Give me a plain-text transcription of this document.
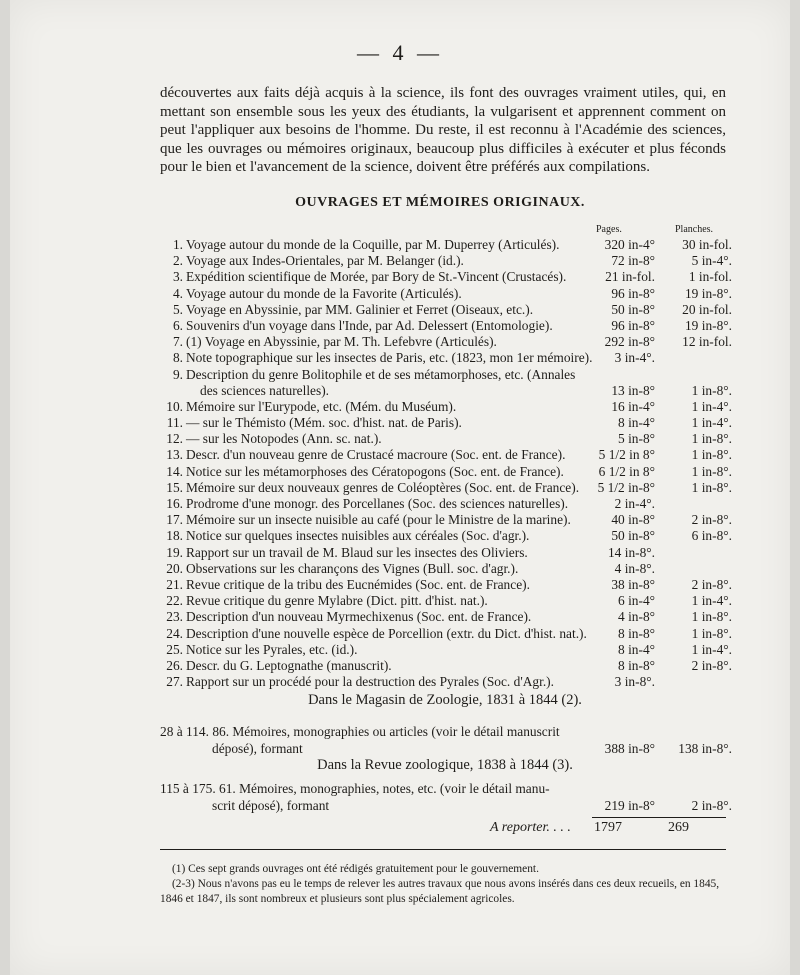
— 4 —

découvertes aux faits déjà acquis à la science, ils font des ouvrages vraiment utiles, qui, en mettant son ensemble sous les yeux des étudiants, la vulgarisent et apprennent comment on peut l'appliquer aux besoins de l'homme. Du reste, il est reconnu à l'Académie des sciences, que les ouvrages ou mémoires originaux, beaucoup plus difficiles à exécuter et plus féconds pour le bien et l'avancement de la science, doivent être préférés aux compilations.

OUVRAGES ET MÉMOIRES ORIGINAUX.
Pages.	Planches.
1. Voyage autour du monde de la Coquille, par M. Duperrey (Articulés).	320 in-4°	30 in-fol.
2. Voyage aux Indes-Orientales, par M. Belanger (id.).	72 in-8°	5 in-4°.
3. Expédition scientifique de Morée, par Bory de St.-Vincent (Crustacés).	21 in-fol.	1 in-fol.
4. Voyage autour du monde de la Favorite (Articulés).	96 in-8°	19 in-8°.
5. Voyage en Abyssinie, par MM. Galinier et Ferret (Oiseaux, etc.).	50 in-8°	20 in-fol.
6. Souvenirs d'un voyage dans l'Inde, par Ad. Delessert (Entomologie).	96 in-8°	19 in-8°.
7. (1) Voyage en Abyssinie, par M. Th. Lefebvre (Articulés).	292 in-8°	12 in-fol.
8. Note topographique sur les insectes de Paris, etc. (1823, mon 1er mémoire).	3 in-4°.
9. Description du genre Bolitophile et de ses métamorphoses, etc. (Annales
des sciences naturelles).	13 in-8°	1 in-8°.
10. Mémoire sur l'Eurypode, etc. (Mém. du Muséum).	16 in-4°	1 in-4°.
11. — sur le Thémisto (Mém. soc. d'hist. nat. de Paris).	8 in-4°	1 in-4°.
12. — sur les Notopodes (Ann. sc. nat.).	5 in-8°	1 in-8°.
13. Descr. d'un nouveau genre de Crustacé macroure (Soc. ent. de France).	5 1/2 in 8°	1 in-8°.
14. Notice sur les métamorphoses des Cératopogons (Soc. ent. de France).	6 1/2 in 8°	1 in-8°.
15. Mémoire sur deux nouveaux genres de Coléoptères (Soc. ent. de France).	5 1/2 in-8°	1 in-8°.
16. Prodrome d'une monogr. des Porcellanes (Soc. des sciences naturelles).	2 in-4°.
17. Mémoire sur un insecte nuisible au café (pour le Ministre de la marine).	40 in-8°	2 in-8°.
18. Notice sur quelques insectes nuisibles aux céréales (Soc. d'agr.).	50 in-8°	6 in-8°.
19. Rapport sur un travail de M. Blaud sur les insectes des Oliviers.	14 in-8°.
20. Observations sur les charançons des Vignes (Bull. soc. d'agr.).	4 in-8°.
21. Revue critique de la tribu des Eucnémides (Soc. ent. de France).	38 in-8°	2 in-8°.
22. Revue critique du genre Mylabre (Dict. pitt. d'hist. nat.).	6 in-4°	1 in-4°.
23. Description d'un nouveau Myrmechixenus (Soc. ent. de France).	4 in-8°	1 in-8°.
24. Description d'une nouvelle espèce de Porcellion (extr. du Dict. d'hist. nat.).	8 in-8°	1 in-8°.
25. Notice sur les Pyrales, etc. (id.).	8 in-4°	1 in-4°.
26. Descr. du G. Leptognathe (manuscrit).	8 in-8°	2 in-8°.
27. Rapport sur un procédé pour la destruction des Pyrales (Soc. d'Agr.).	3 in-8°.
Dans le Magasin de Zoologie, 1831 à 1844 (2).
28 à 114. 86. Mémoires, monographies ou articles (voir le détail manuscrit
déposé), formant	388 in-8°	138 in-8°.
Dans la Revue zoologique, 1838 à 1844 (3).
115 à 175. 61. Mémoires, monographies, notes, etc. (voir le détail manu-
scrit déposé), formant	219 in-8°	2 in-8°.
A reporter. . . . 1797	269
(1) Ces sept grands ouvrages ont été rédigés gratuitement pour le gouvernement.
(2-3) Nous n'avons pas eu le temps de relever les autres travaux que nous avons insérés dans ces deux recueils, en 1845, 1846 et 1847, ils sont nombreux et plusieurs sont plus spécialement agricoles.
